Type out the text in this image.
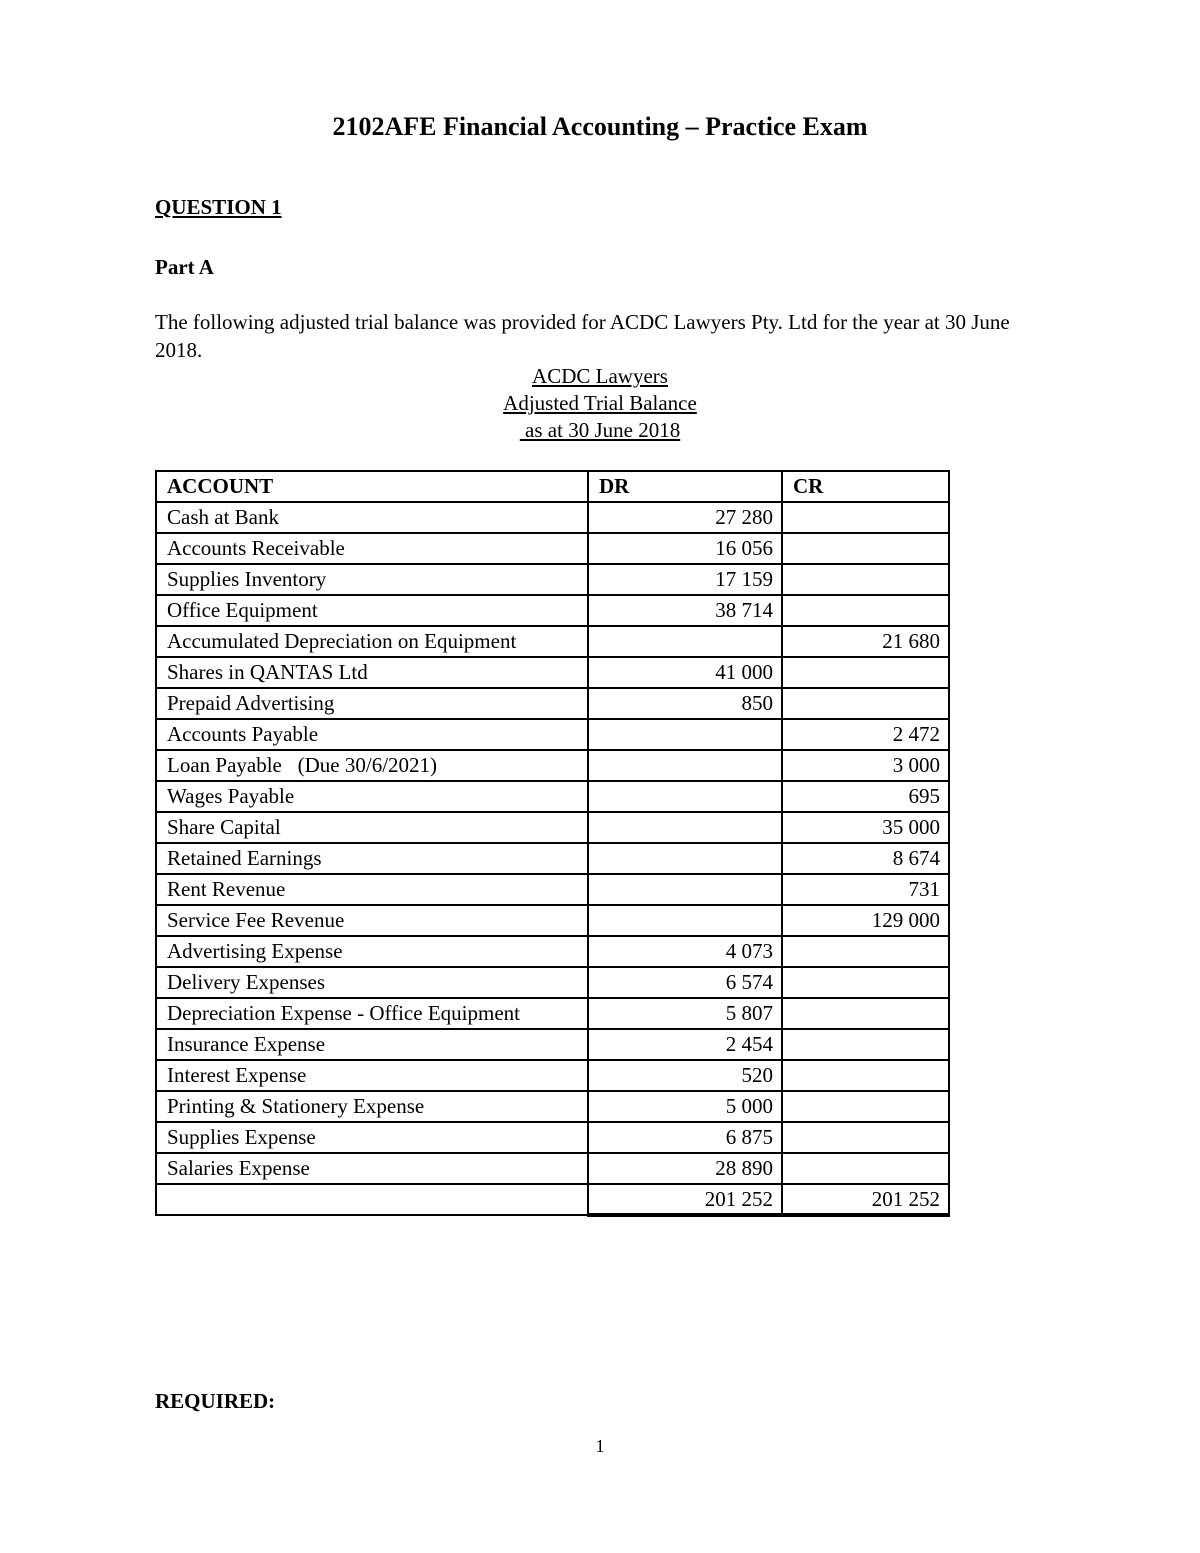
2102AFE Financial Accounting – Practice Exam

QUESTION 1

Part A

The following adjusted trial balance was provided for ACDC Lawyers Pty. Ltd for the year at 30 June 2018.

ACDC Lawyers
Adjusted Trial Balance
as at 30 June 2018
ACCOUNT	DR	CR
Cash at Bank	27 280	
Accounts Receivable	16 056	
Supplies Inventory	17 159	
Office Equipment	38 714	
Accumulated Depreciation on Equipment		21 680
Shares in QANTAS Ltd	41 000	
Prepaid Advertising	850	
Accounts Payable		2 472
Loan Payable   (Due 30/6/2021)		3 000
Wages Payable		695
Share Capital		35 000
Retained Earnings		8 674
Rent Revenue		731
Service Fee Revenue		129 000
Advertising Expense	4 073	
Delivery Expenses	6 574	
Depreciation Expense - Office Equipment	5 807	
Insurance Expense	2 454	
Interest Expense	520	
Printing & Stationery Expense	5 000	
Supplies Expense	6 875	
Salaries Expense	28 890	
	201 252	201 252

REQUIRED:

1
